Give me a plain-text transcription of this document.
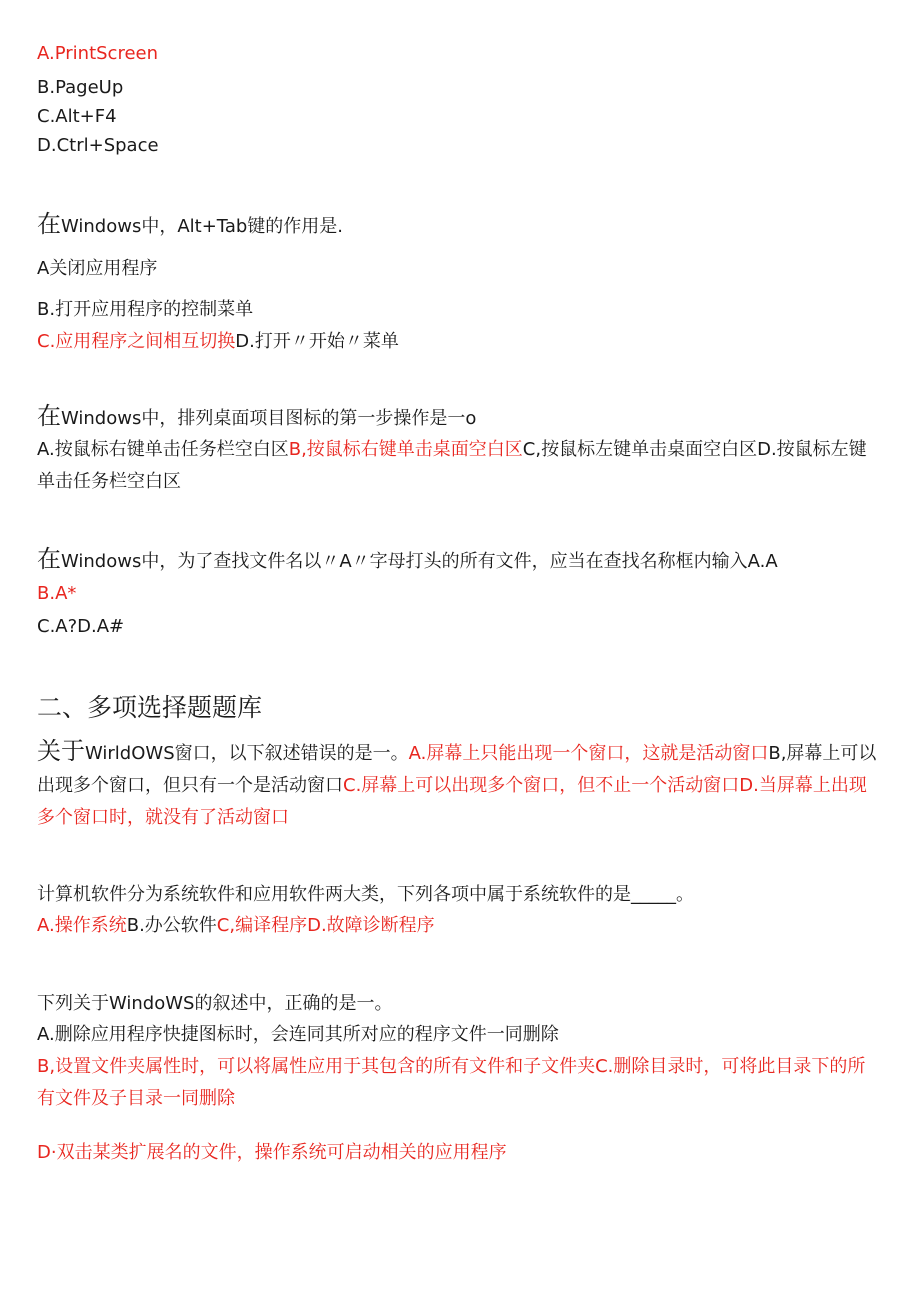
A.PrintScreen
B.PageUp
C.Alt+F4
D.Ctrl+Space
在Windows中，Alt+Tab键的作用是.
A关闭应用程序
B.打开应用程序的控制菜单
C.应用程序之间相互切换D.打开〃开始〃菜单
在Windows中，排列桌面项目图标的第一步操作是一o
A.按鼠标右键单击任务栏空白区B,按鼠标右键单击桌面空白区C,按鼠标左键单击桌面空白区D.按鼠标左键单击任务栏空白区
在Windows中，为了查找文件名以〃A〃字母打头的所有文件，应当在查找名称框内输入A.A
B.A*
C.A?D.A#
二、多项选择题题库
关于WirldOWS窗口，以下叙述错误的是一。A.屏幕上只能出现一个窗口，这就是活动窗口B,屏幕上可以出现多个窗口，但只有一个是活动窗口C.屏幕上可以出现多个窗口，但不止一个活动窗口D.当屏幕上出现多个窗口时，就没有了活动窗口
计算机软件分为系统软件和应用软件两大类，下列各项中属于系统软件的是_____。
A.操作系统B.办公软件C,编译程序D.故障诊断程序
下列关于WindoWS的叙述中，正确的是一。
A.删除应用程序快捷图标时，会连同其所对应的程序文件一同删除
B,设置文件夹属性时，可以将属性应用于其包含的所有文件和子文件夹C.删除目录时，可将此目录下的所有文件及子目录一同删除
D·双击某类扩展名的文件，操作系统可启动相关的应用程序
